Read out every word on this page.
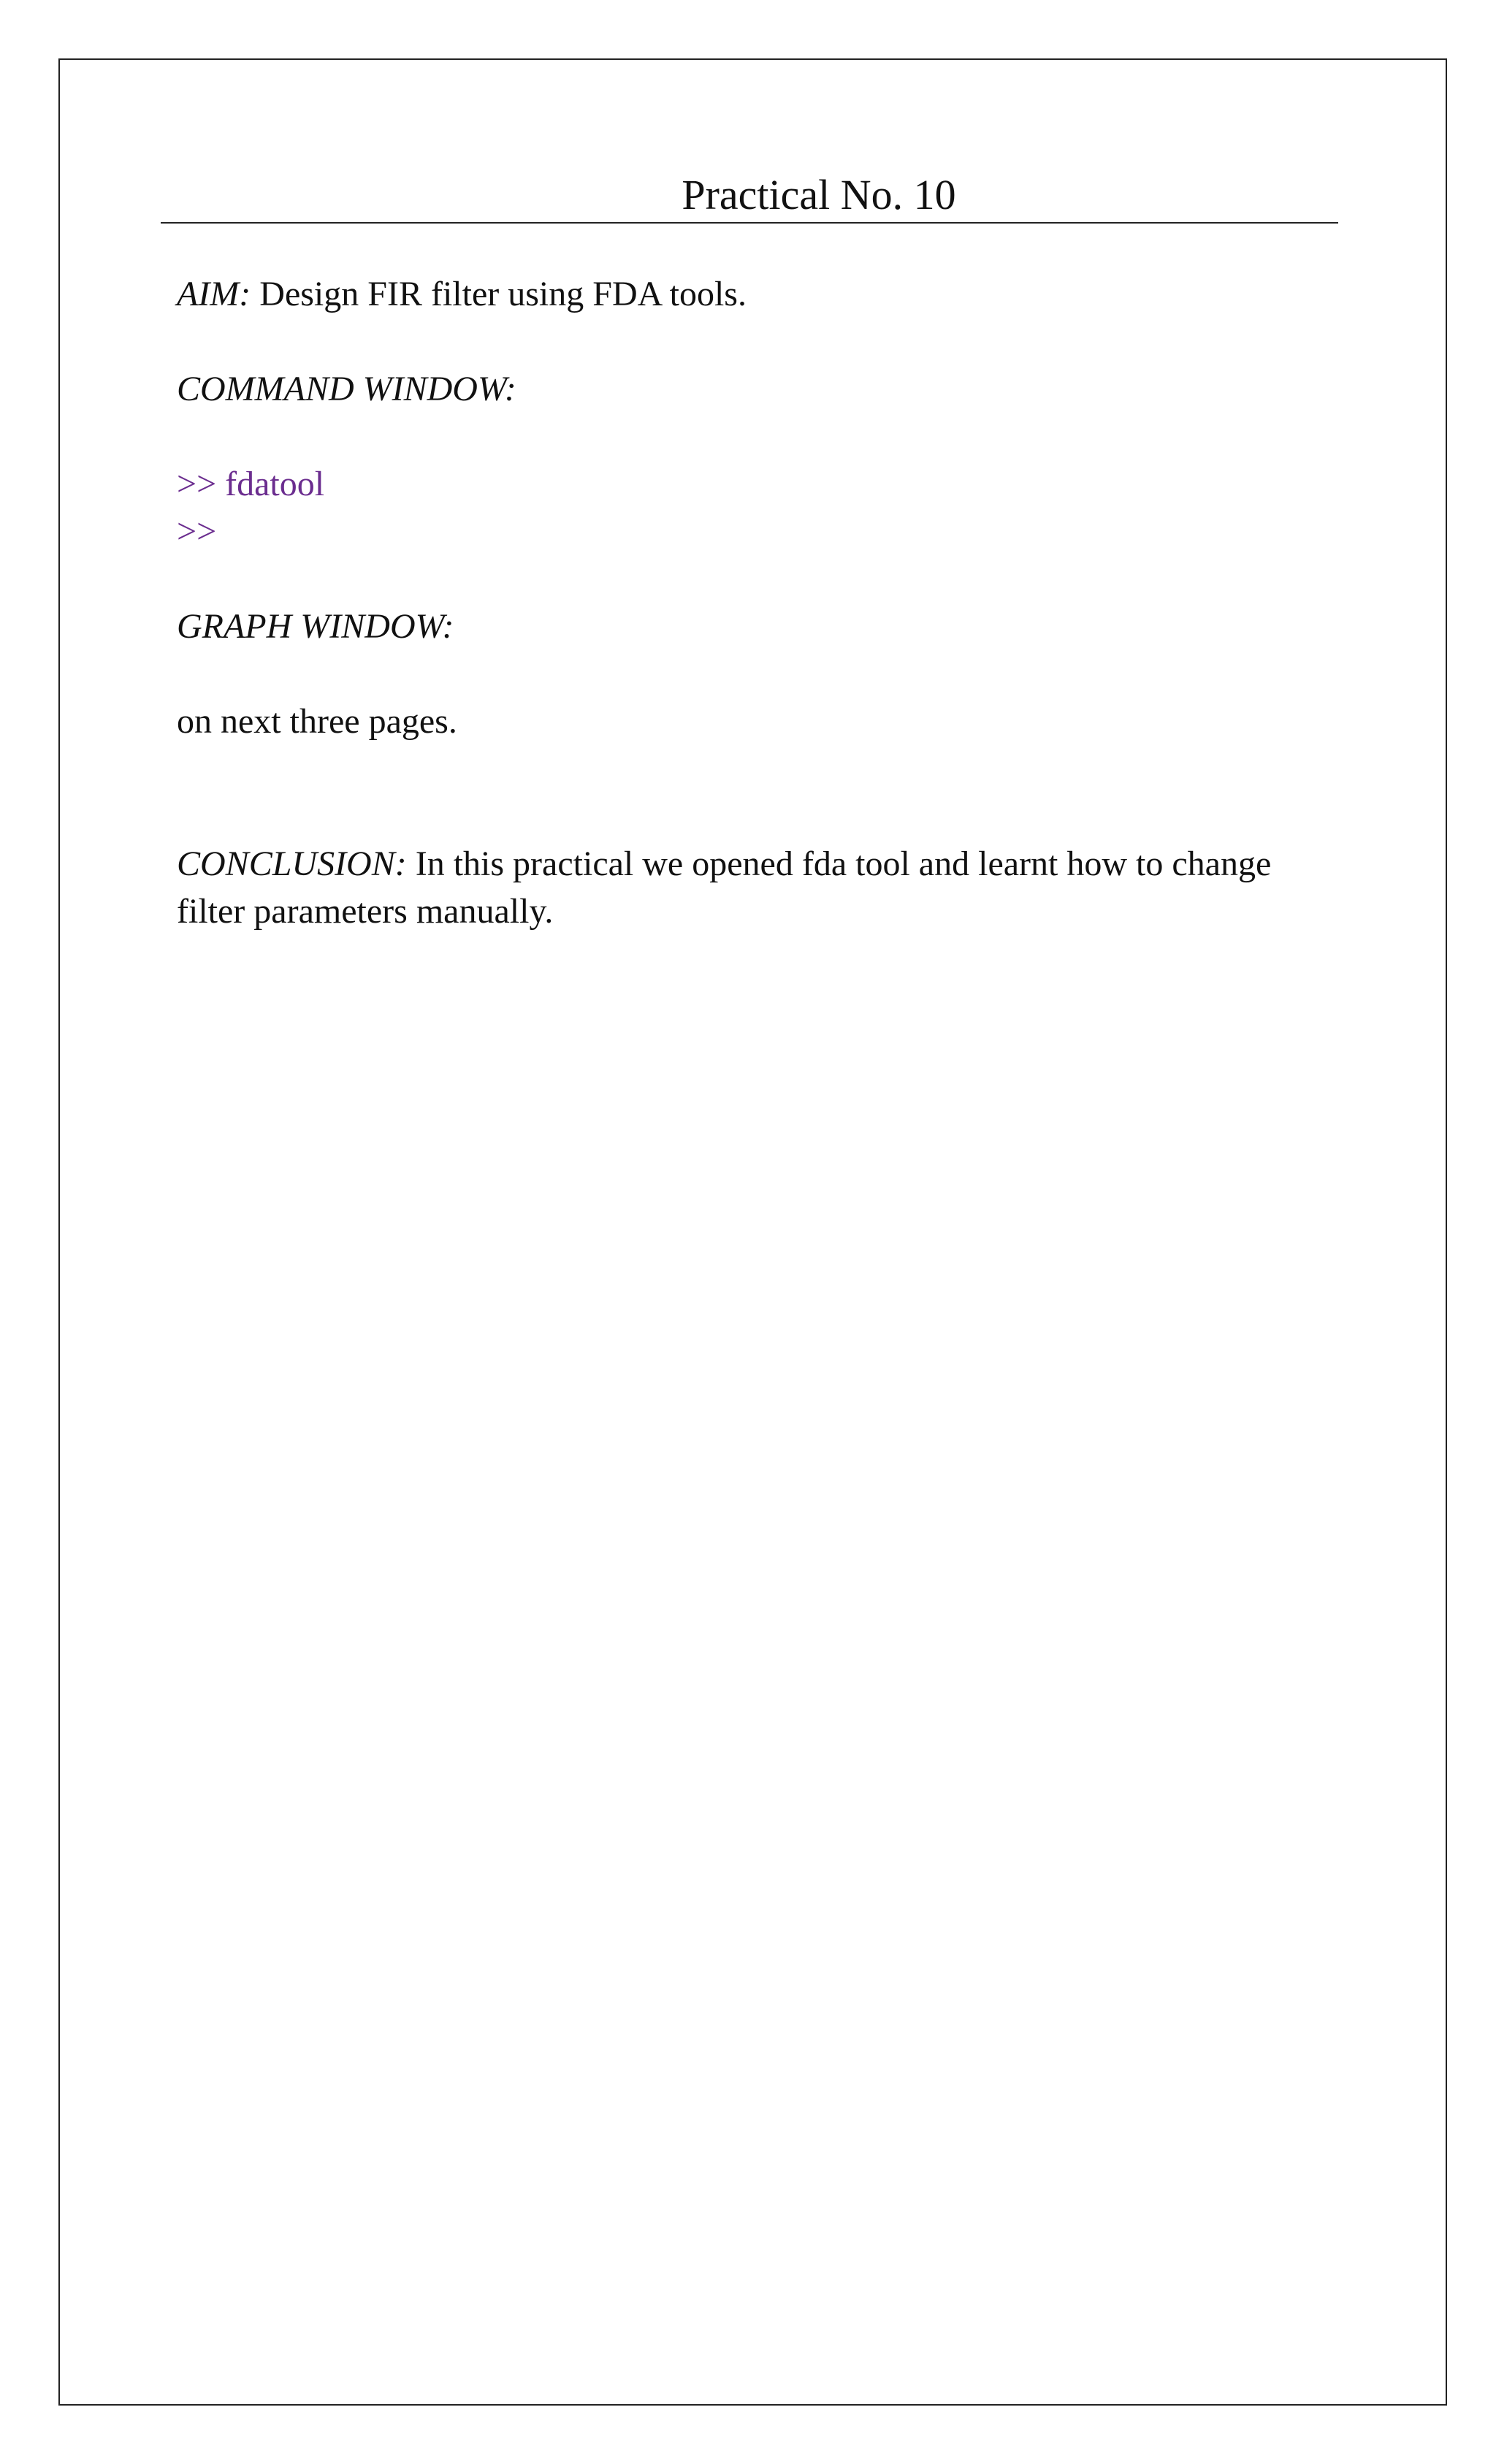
Practical No. 10

AIM: Design FIR filter using FDA tools.

COMMAND WINDOW:

>> fdatool

>>

GRAPH WINDOW:

on next three pages.

CONCLUSION: In this practical we opened fda tool and learnt how to change

filter parameters manually.
